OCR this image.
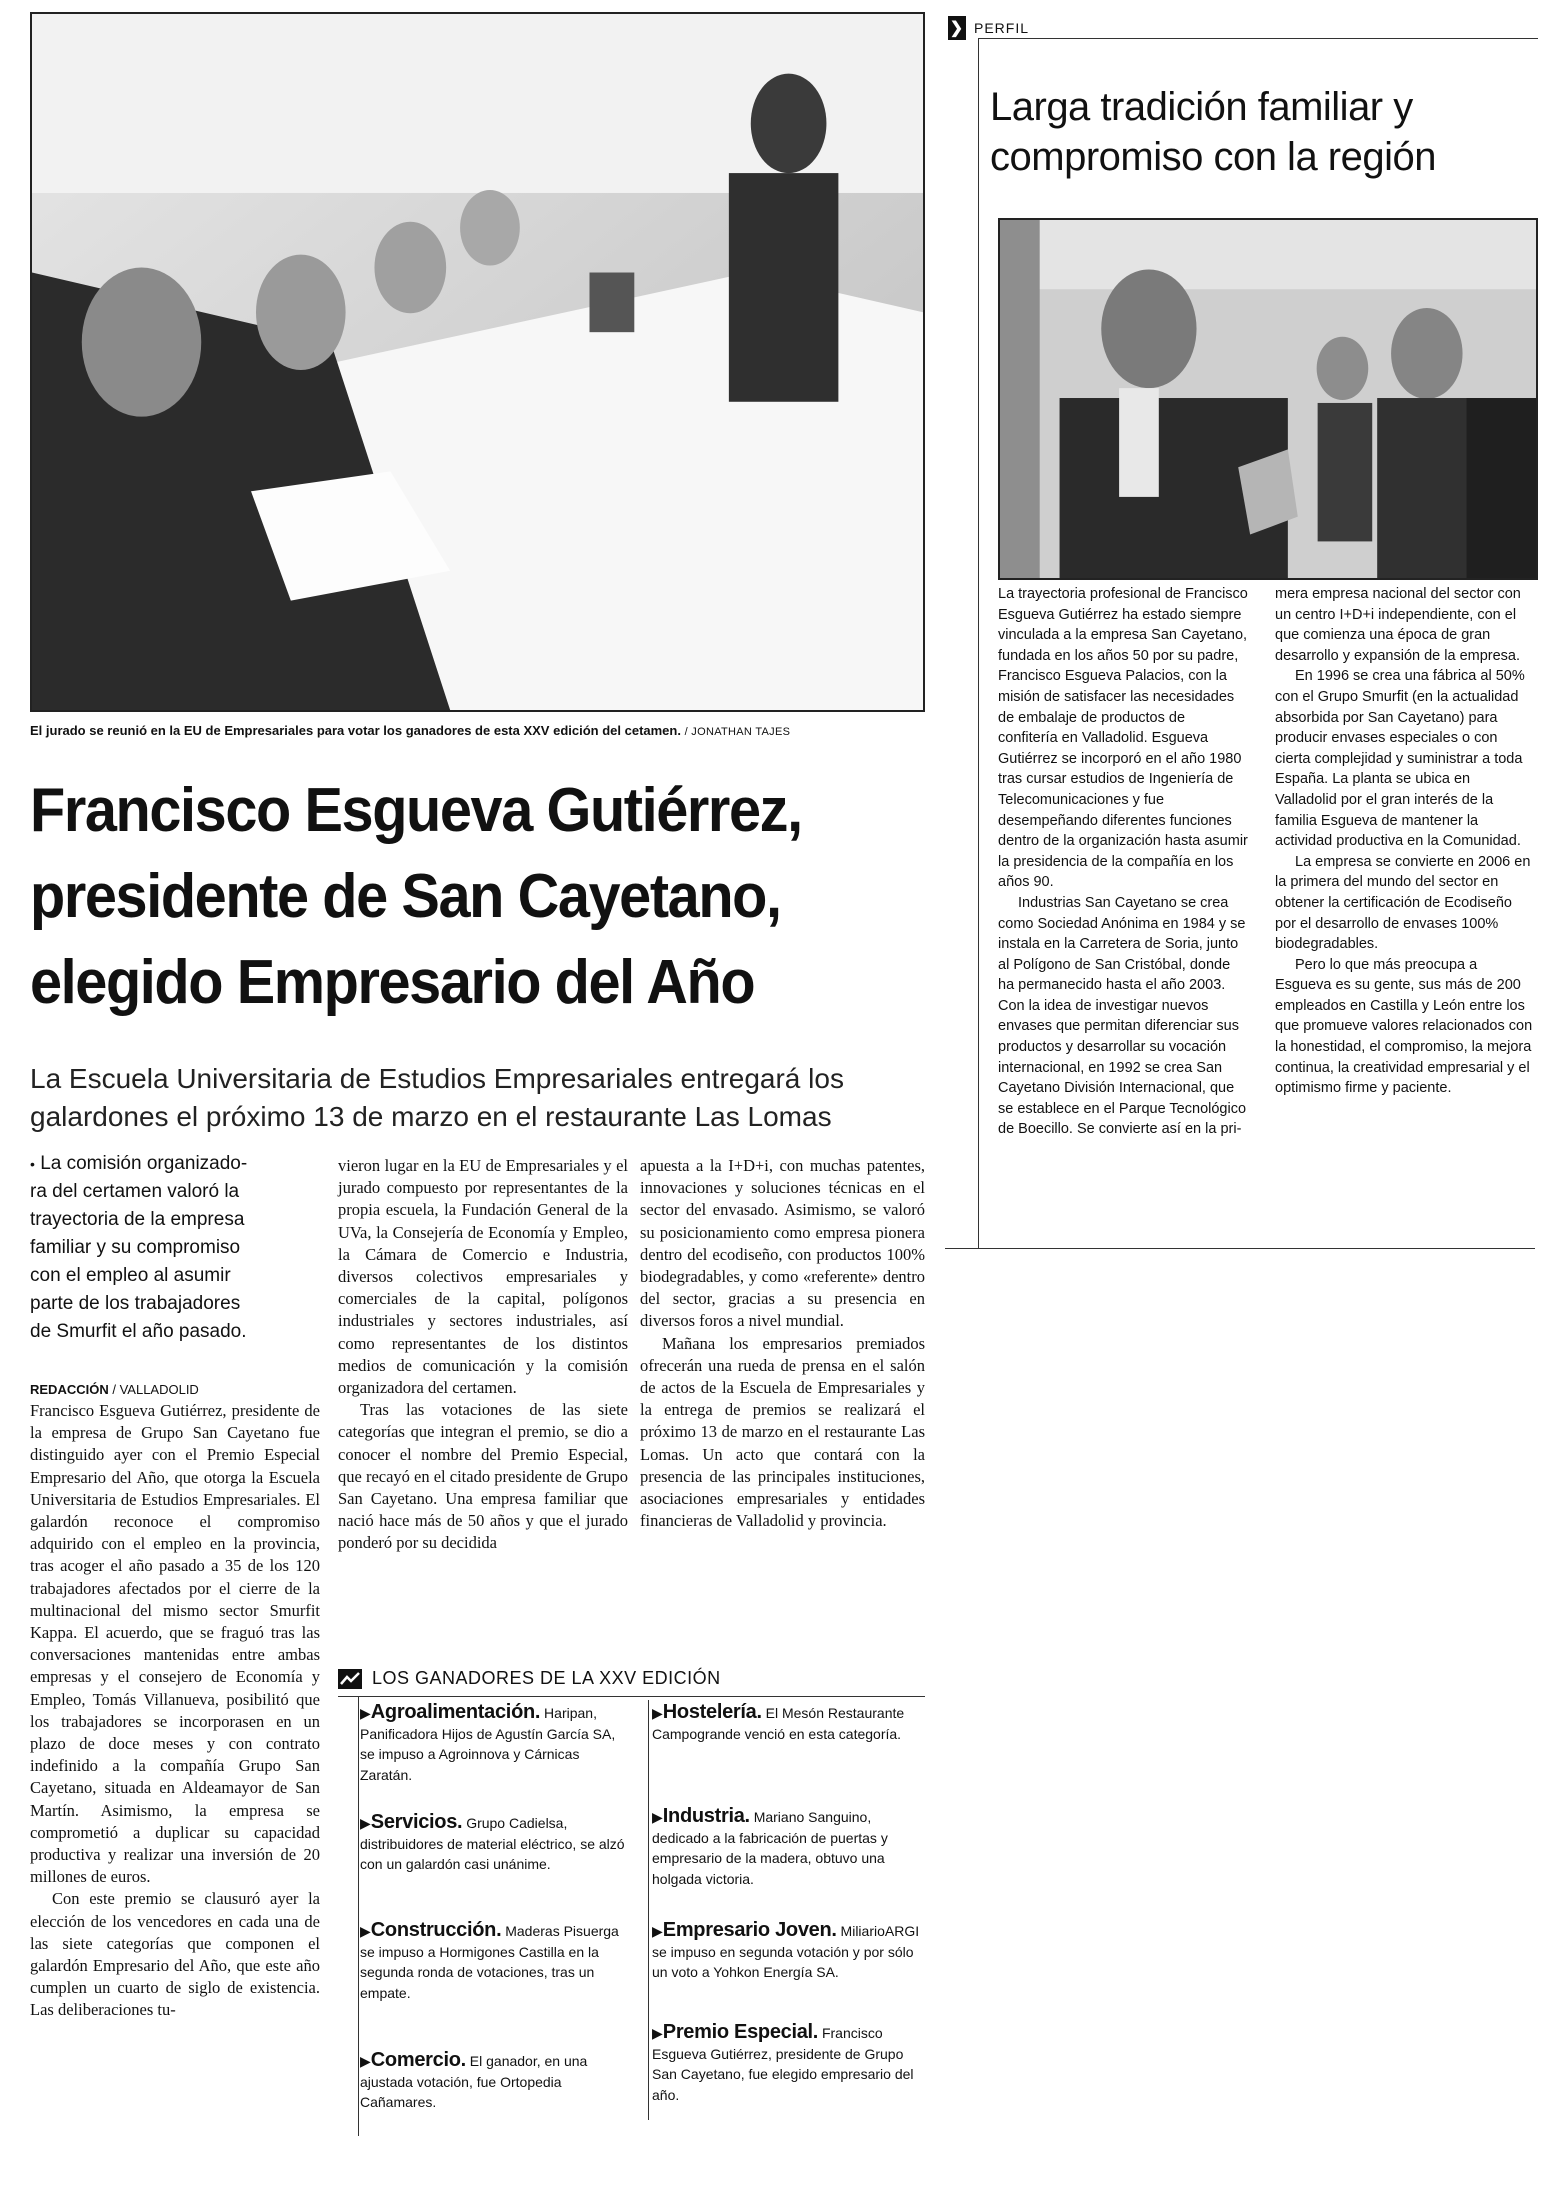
El jurado se reunió en la EU de Empresariales para votar los ganadores de esta XXV edición del cetamen. / JONATHAN TAJES
Francisco Esgueva Gutiérrez,
presidente de San Cayetano,
elegido Empresario del Año
La Escuela Universitaria de Estudios Empresariales entregará los
galardones el próximo 13 de marzo en el restaurante Las Lomas
• La comisión organizado-
ra del certamen valoró la
trayectoria de la empresa
familiar y su compromiso
con el empleo al asumir
parte de los trabajadores
de Smurfit el año pasado.
REDACCIÓN / VALLADOLID

Francisco Esgueva Gutiérrez, presidente de la empresa de Grupo San Cayetano fue distinguido ayer con el Premio Especial Empresario del Año, que otorga la Escuela Universitaria de Estudios Empresariales. El galardón reconoce el compromiso adquirido con el empleo en la provincia, tras acoger el año pasado a 35 de los 120 trabajadores afectados por el cierre de la multinacional del mismo sector Smurfit Kappa. El acuerdo, que se fraguó tras las conversaciones mantenidas entre ambas empresas y el consejero de Economía y Empleo, Tomás Villanueva, posibilitó que los trabajadores se incorporasen en un plazo de doce meses y con contrato indefinido a la compañía Grupo San Cayetano, situada en Aldeamayor de San Martín. Asimismo, la empresa se comprometió a duplicar su capacidad productiva y realizar una inversión de 20 millones de euros.

Con este premio se clausuró ayer la elección de los vencedores en cada una de las siete categorías que componen el galardón Empresario del Año, que este año cumplen un cuarto de siglo de existencia. Las deliberaciones tu-

vieron lugar en la EU de Empresariales y el jurado compuesto por representantes de la propia escuela, la Fundación General de la UVa, la Consejería de Economía y Empleo, la Cámara de Comercio e Industria, diversos colectivos empresariales y comerciales de la capital, polígonos industriales y sectores industriales, así como representantes de los distintos medios de comunicación y la comisión organizadora del certamen.

Tras las votaciones de las siete categorías que integran el premio, se dio a conocer el nombre del Premio Especial, que recayó en el citado presidente de Grupo San Cayetano. Una empresa familiar que nació hace más de 50 años y que el jurado ponderó por su decidida

apuesta a la I+D+i, con muchas patentes, innovaciones y soluciones técnicas en el sector del envasado. Asimismo, se valoró su posicionamiento como empresa pionera dentro del ecodiseño, con productos 100% biodegradables, y como «referente» dentro del sector, gracias a su presencia en diversos foros a nivel mundial.

Mañana los empresarios premiados ofrecerán una rueda de prensa en el salón de actos de la Escuela de Empresariales y la entrega de premios se realizará el próximo 13 de marzo en el restaurante Las Lomas. Un acto que contará con la presencia de las principales instituciones, asociaciones empresariales y entidades financieras de Valladolid y provincia.

LOS GANADORES DE LA XXV EDICIÓN
▶Agroalimentación. Haripan, Panificadora Hijos de Agustín García SA, se impuso a Agroinnova y Cárnicas Zaratán.
▶Servicios. Grupo Cadielsa, distribuidores de material eléctrico, se alzó con un galardón casi unánime.
▶Construcción. Maderas Pisuerga se impuso a Hormigones Castilla en la segunda ronda de votaciones, tras un empate.
▶Comercio. El ganador, en una ajustada votación, fue Ortopedia Cañamares.
▶Hostelería. El Mesón Restaurante Campogrande venció en esta categoría.
▶Industria. Mariano Sanguino, dedicado a la fabricación de puertas y empresario de la madera, obtuvo una holgada victoria.
▶Empresario Joven. MiliarioARGI se impuso en segunda votación y por sólo un voto a Yohkon Energía SA.
▶Premio Especial. Francisco Esgueva Gutiérrez, presidente de Grupo San Cayetano, fue elegido empresario del año.
❯ PERFIL
Larga tradición familiar y
compromiso con la región

La trayectoria profesional de Francisco Esgueva Gutiérrez ha estado siempre vinculada a la empresa San Cayetano, fundada en los años 50 por su padre, Francisco Esgueva Palacios, con la misión de satisfacer las necesidades de embalaje de productos de confitería en Valladolid. Esgueva Gutiérrez se incorporó en el año 1980 tras cursar estudios de Ingeniería de Telecomunicaciones y fue desempeñando diferentes funciones dentro de la organización hasta asumir la presidencia de la compañía en los años 90.

Industrias San Cayetano se crea como Sociedad Anónima en 1984 y se instala en la Carretera de Soria, junto al Polígono de San Cristóbal, donde ha permanecido hasta el año 2003. Con la idea de investigar nuevos envases que permitan diferenciar sus productos y desarrollar su vocación internacional, en 1992 se crea San Cayetano División Internacional, que se establece en el Parque Tecnológico de Boecillo. Se convierte así en la pri-

mera empresa nacional del sector con un centro I+D+i independiente, con el que comienza una época de gran desarrollo y expansión de la empresa.

En 1996 se crea una fábrica al 50% con el Grupo Smurfit (en la actualidad absorbida por San Cayetano) para producir envases especiales o con cierta complejidad y suministrar a toda España. La planta se ubica en Valladolid por el gran interés de la familia Esgueva de mantener la actividad productiva en la Comunidad.

La empresa se convierte en 2006 en la primera del mundo del sector en obtener la certificación de Ecodiseño por el desarrollo de envases 100% biodegradables.

Pero lo que más preocupa a Esgueva es su gente, sus más de 200 empleados en Castilla y León entre los que promueve valores relacionados con la honestidad, el compromiso, la mejora continua, la creatividad empresarial y el optimismo firme y paciente.
